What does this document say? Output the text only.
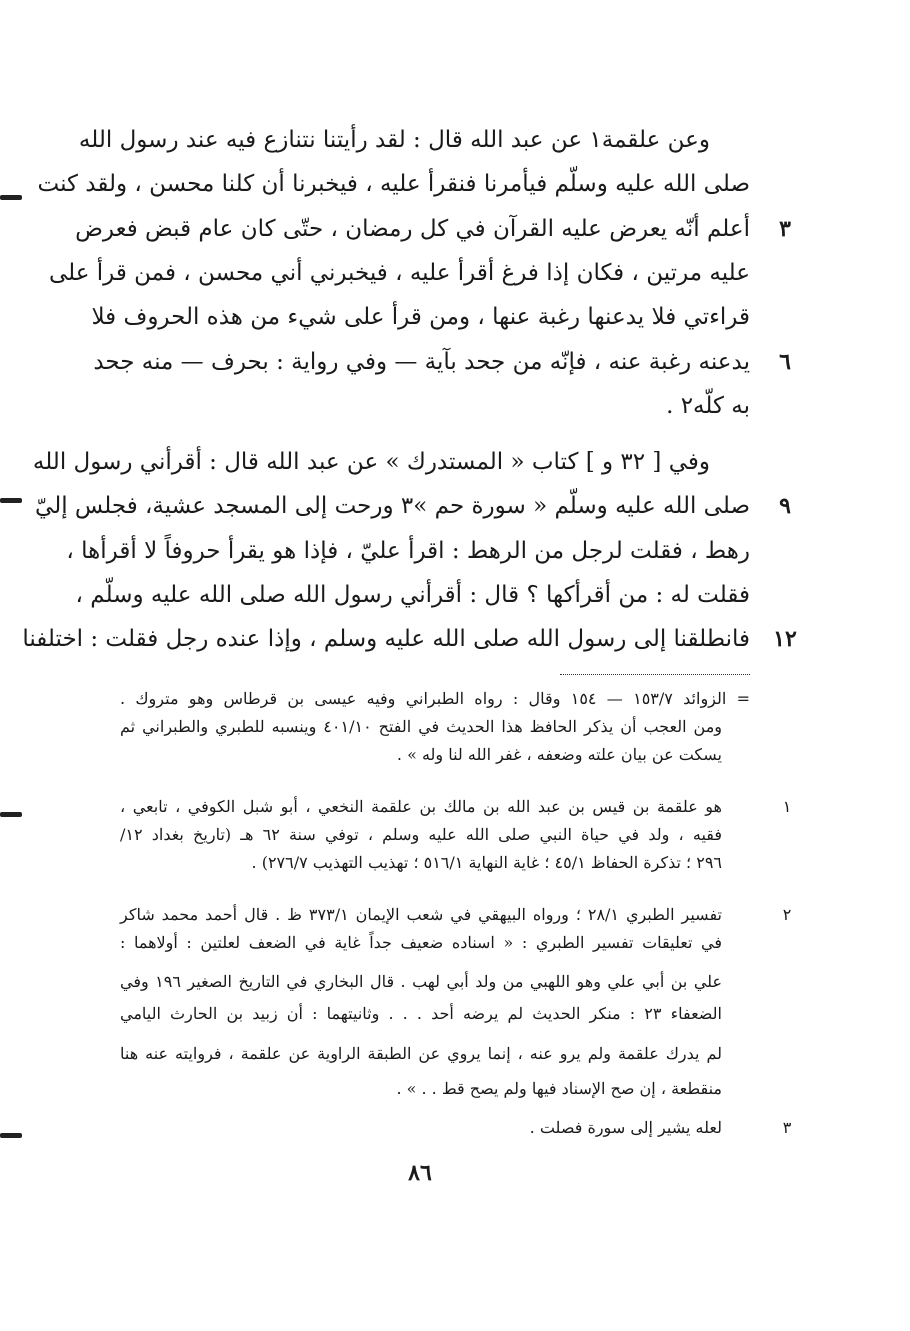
وعن علقمة١ عن عبد الله قال : لقد رأيتنا نتنازع فيه عند رسول الله
صلى الله عليه وسلّم فيأمرنا فنقرأ عليه ، فيخبرنا أن كلنا محسن ، ولقد كنت
أعلم أنّه يعرض عليه القرآن في كل رمضان ، حتّى كان عام قبض فعرض
عليه مرتين ، فكان إذا فرغ أقرأ عليه ، فيخبرني أني محسن ، فمن قرأ على
قراءتي فلا يدعنها رغبة عنها ، ومن قرأ على شيء من هذه الحروف فلا
يدعنه رغبة عنه ، فإنّه من جحد بآية — وفي رواية : بحرف — منه جحد
به كلّه٢ .
وفي [ ٣٢ و ] كتاب « المستدرك » عن عبد الله قال : أقرأني رسول الله
صلى الله عليه وسلّم « سورة حم »٣ ورحت إلى المسجد عشية، فجلس إليّ
رهط ، فقلت لرجل من الرهط : اقرأ عليّ ، فإذا هو يقرأ حروفاً لا أقرأها ،
فقلت له : من أقرأكها ؟ قال : أقرأني رسول الله صلى الله عليه وسلّم ،
فانطلقنا إلى رسول الله صلى الله عليه وسلم ، وإذا عنده رجل فقلت : اختلفنا
٣
٦
٩
١٢
= الزوائد ١٥٣/٧ — ١٥٤ وقال : رواه الطبراني وفيه عيسى بن قرطاس وهو متروك .
ومن العجب أن يذكر الحافظ هذا الحديث في الفتح ٤٠١/١٠ وينسبه للطبري والطبراني ثم
يسكت عن بيان علته وضعفه ، غفر الله لنا وله » .
١
هو علقمة بن قيس بن عبد الله بن مالك بن علقمة النخعي ، أبو شبل الكوفي ، تابعي ،
فقيه ، ولد في حياة النبي صلى الله عليه وسلم ، توفي سنة ٦٢ هـ (تاريخ بغداد ١٢/
٢٩٦ ؛ تذكرة الحفاظ ٤٥/١ ؛ غاية النهاية ٥١٦/١ ؛ تهذيب التهذيب ٢٧٦/٧) .
٢
تفسير الطبري ٢٨/١ ؛ ورواه البيهقي في شعب الإيمان ٣٧٣/١ ظ . قال أحمد محمد شاكر
في تعليقات تفسير الطبري : « اسناده ضعيف جداً غاية في الضعف لعلتين : أولاهما :
علي بن أبي علي وهو اللهبي من ولد أبي لهب . قال البخاري في التاريخ الصغير ١٩٦ وفي
الضعفاء ٢٣ : منكر الحديث لم يرضه أحد . . . وثانيتهما : أن زبيد بن الحارث اليامي
لم يدرك علقمة ولم يرو عنه ، إنما يروي عن الطبقة الراوية عن علقمة ، فروايته عنه هنا
منقطعة ، إن صح الإسناد فيها ولم يصح قط . . » .
٣
لعله يشير إلى سورة فصلت .
٨٦
